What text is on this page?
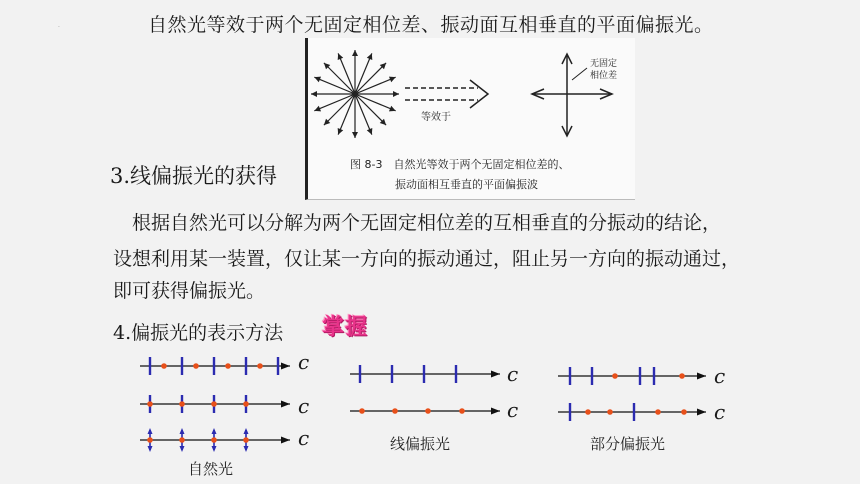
·	自然光等效于两个无固定相位差、振动面互相垂直的平面偏振光。
等效于
无固定
相位差
图 8-3　自然光等效于两个无固定相位差的、
振动面相互垂直的平面偏振波
3.线偏振光的获得
根据自然光可以分解为两个无固定相位差的互相垂直的分振动的结论，
设想利用某一装置，仅让某一方向的振动通过，阻止另一方向的振动通过，
即可获得偏振光。
4.偏振光的表示方法 掌握
c
c
c
c
c
c
c
自然光
线偏振光	部分偏振光
